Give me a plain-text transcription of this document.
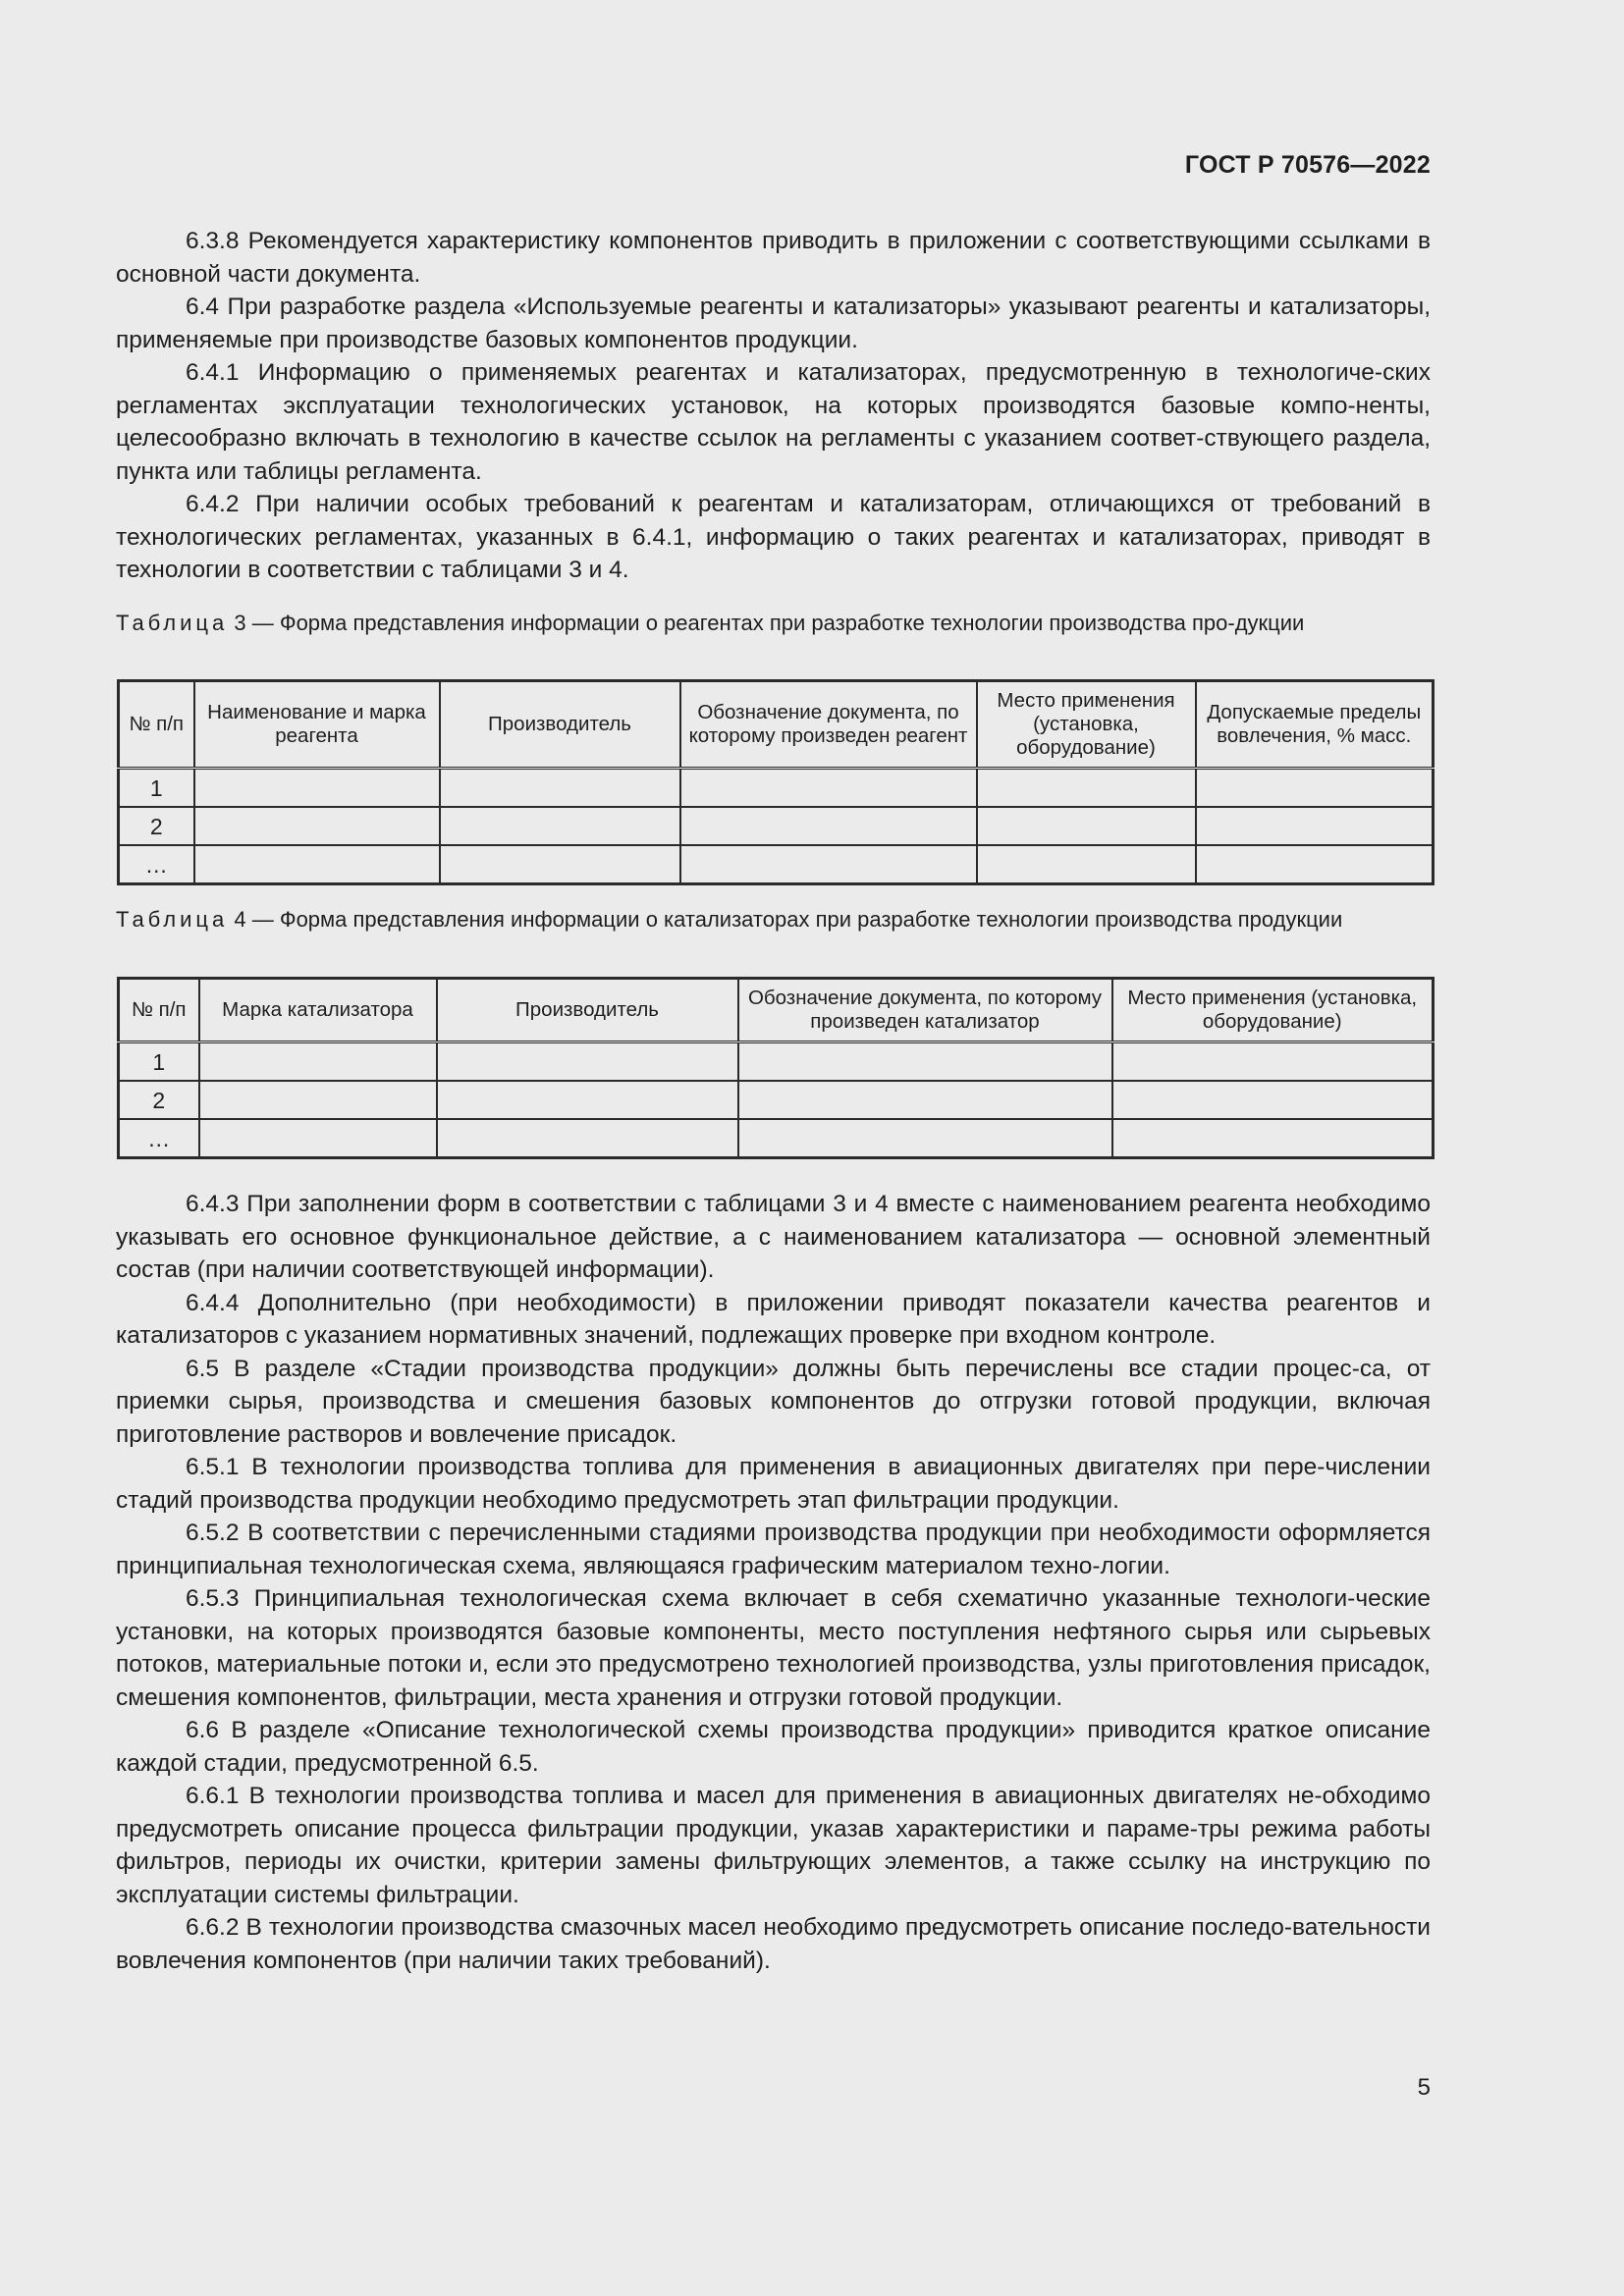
ГОСТ Р 70576—2022

6.3.8 Рекомендуется характеристику компонентов приводить в приложении с соответствующими ссылками в основной части документа.

6.4 При разработке раздела «Используемые реагенты и катализаторы» указывают реагенты и катализаторы, применяемые при производстве базовых компонентов продукции.

6.4.1 Информацию о применяемых реагентах и катализаторах, предусмотренную в технологиче-ских регламентах эксплуатации технологических установок, на которых производятся базовые компо-ненты, целесообразно включать в технологию в качестве ссылок на регламенты с указанием соответ-ствующего раздела, пункта или таблицы регламента.

6.4.2 При наличии особых требований к реагентам и катализаторам, отличающихся от требований в технологических регламентах, указанных в 6.4.1, информацию о таких реагентах и катализаторах, приводят в технологии в соответствии с таблицами 3 и 4.

Таблица 3 — Форма представления информации о реагентах при разработке технологии производства про-дукции
№ п/п	Наименование и марка реагента	Производитель	Обозначение документа, по которому произведен реагент	Место применения (установка, оборудование)	Допускаемые пределы вовлечения, % масс.
1					
2					
…					
Таблица 4 — Форма представления информации о катализаторах при разработке технологии производства продукции
№ п/п	Марка катализатора	Производитель	Обозначение документа, по которому произведен катализатор	Место применения (установка, оборудование)
1				
2				
…				

6.4.3 При заполнении форм в соответствии с таблицами 3 и 4 вместе с наименованием реагента необходимо указывать его основное функциональное действие, а с наименованием катализатора — основной элементный состав (при наличии соответствующей информации).

6.4.4 Дополнительно (при необходимости) в приложении приводят показатели качества реагентов и катализаторов с указанием нормативных значений, подлежащих проверке при входном контроле.

6.5 В разделе «Стадии производства продукции» должны быть перечислены все стадии процес-са, от приемки сырья, производства и смешения базовых компонентов до отгрузки готовой продукции, включая приготовление растворов и вовлечение присадок.

6.5.1 В технологии производства топлива для применения в авиационных двигателях при пере-числении стадий производства продукции необходимо предусмотреть этап фильтрации продукции.

6.5.2 В соответствии с перечисленными стадиями производства продукции при необходимости оформляется принципиальная технологическая схема, являющаяся графическим материалом техно-логии.

6.5.3 Принципиальная технологическая схема включает в себя схематично указанные технологи-ческие установки, на которых производятся базовые компоненты, место поступления нефтяного сырья или сырьевых потоков, материальные потоки и, если это предусмотрено технологией производства, узлы приготовления присадок, смешения компонентов, фильтрации, места хранения и отгрузки готовой продукции.

6.6 В разделе «Описание технологической схемы производства продукции» приводится краткое описание каждой стадии, предусмотренной 6.5.

6.6.1 В технологии производства топлива и масел для применения в авиационных двигателях не-обходимо предусмотреть описание процесса фильтрации продукции, указав характеристики и параме-тры режима работы фильтров, периоды их очистки, критерии замены фильтрующих элементов, а также ссылку на инструкцию по эксплуатации системы фильтрации.

6.6.2 В технологии производства смазочных масел необходимо предусмотреть описание последо-вательности вовлечения компонентов (при наличии таких требований).

5
